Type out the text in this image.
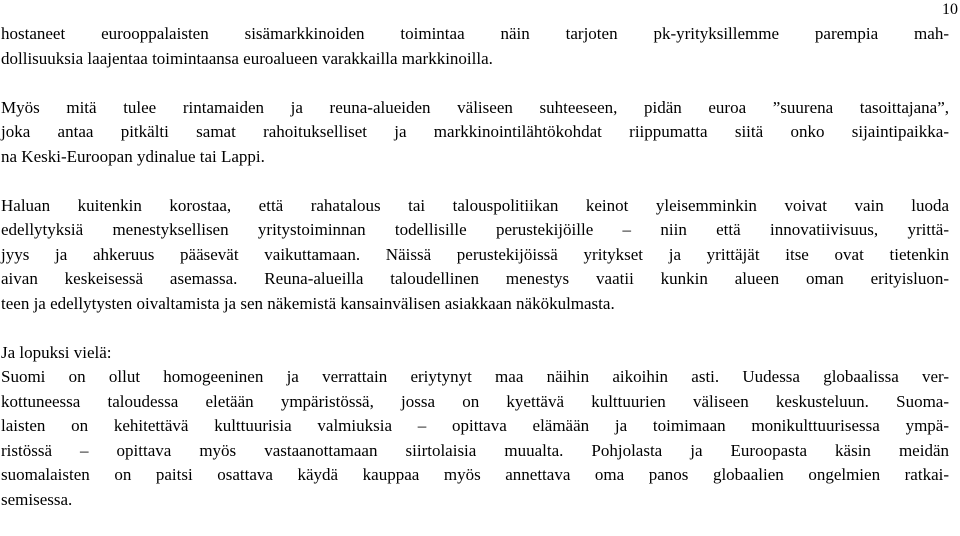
10

hostaneet eurooppalaisten sisämarkkinoiden toimintaa näin tarjoten pk-yrityksillemme parempia mah-
dollisuuksia laajentaa toimintaansa euroalueen varakkailla markkinoilla.

Myös mitä tulee rintamaiden ja reuna-alueiden väliseen suhteeseen, pidän euroa ”suurena tasoittajana”,
joka antaa pitkälti samat rahoitukselliset ja markkinointilähtökohdat riippumatta siitä onko sijaintipaikka-
na Keski-Euroopan ydinalue tai Lappi.

Haluan kuitenkin korostaa, että rahatalous tai talouspolitiikan keinot yleisemminkin voivat vain luoda
edellytyksiä menestyksellisen yritystoiminnan todellisille perustekijöille – niin että innovatiivisuus, yrittä-
jyys ja ahkeruus pääsevät vaikuttamaan. Näissä perustekijöissä yritykset ja yrittäjät itse ovat tietenkin
aivan keskeisessä asemassa. Reuna-alueilla taloudellinen menestys vaatii kunkin alueen oman erityisluon-
teen ja edellytysten oivaltamista ja sen näkemistä kansainvälisen asiakkaan näkökulmasta.

Ja lopuksi vielä:
Suomi on ollut homogeeninen ja verrattain eriytynyt maa näihin aikoihin asti. Uudessa globaalissa ver-
kottuneessa taloudessa eletään ympäristössä, jossa on kyettävä kulttuurien väliseen keskusteluun. Suoma-
laisten on kehitettävä kulttuurisia valmiuksia – opittava elämään ja toimimaan monikulttuurisessa ympä-
ristössä – opittava myös vastaanottamaan siirtolaisia muualta. Pohjolasta ja Euroopasta käsin meidän
suomalaisten on paitsi osattava käydä kauppaa myös annettava oma panos globaalien ongelmien ratkai-
semisessa.
